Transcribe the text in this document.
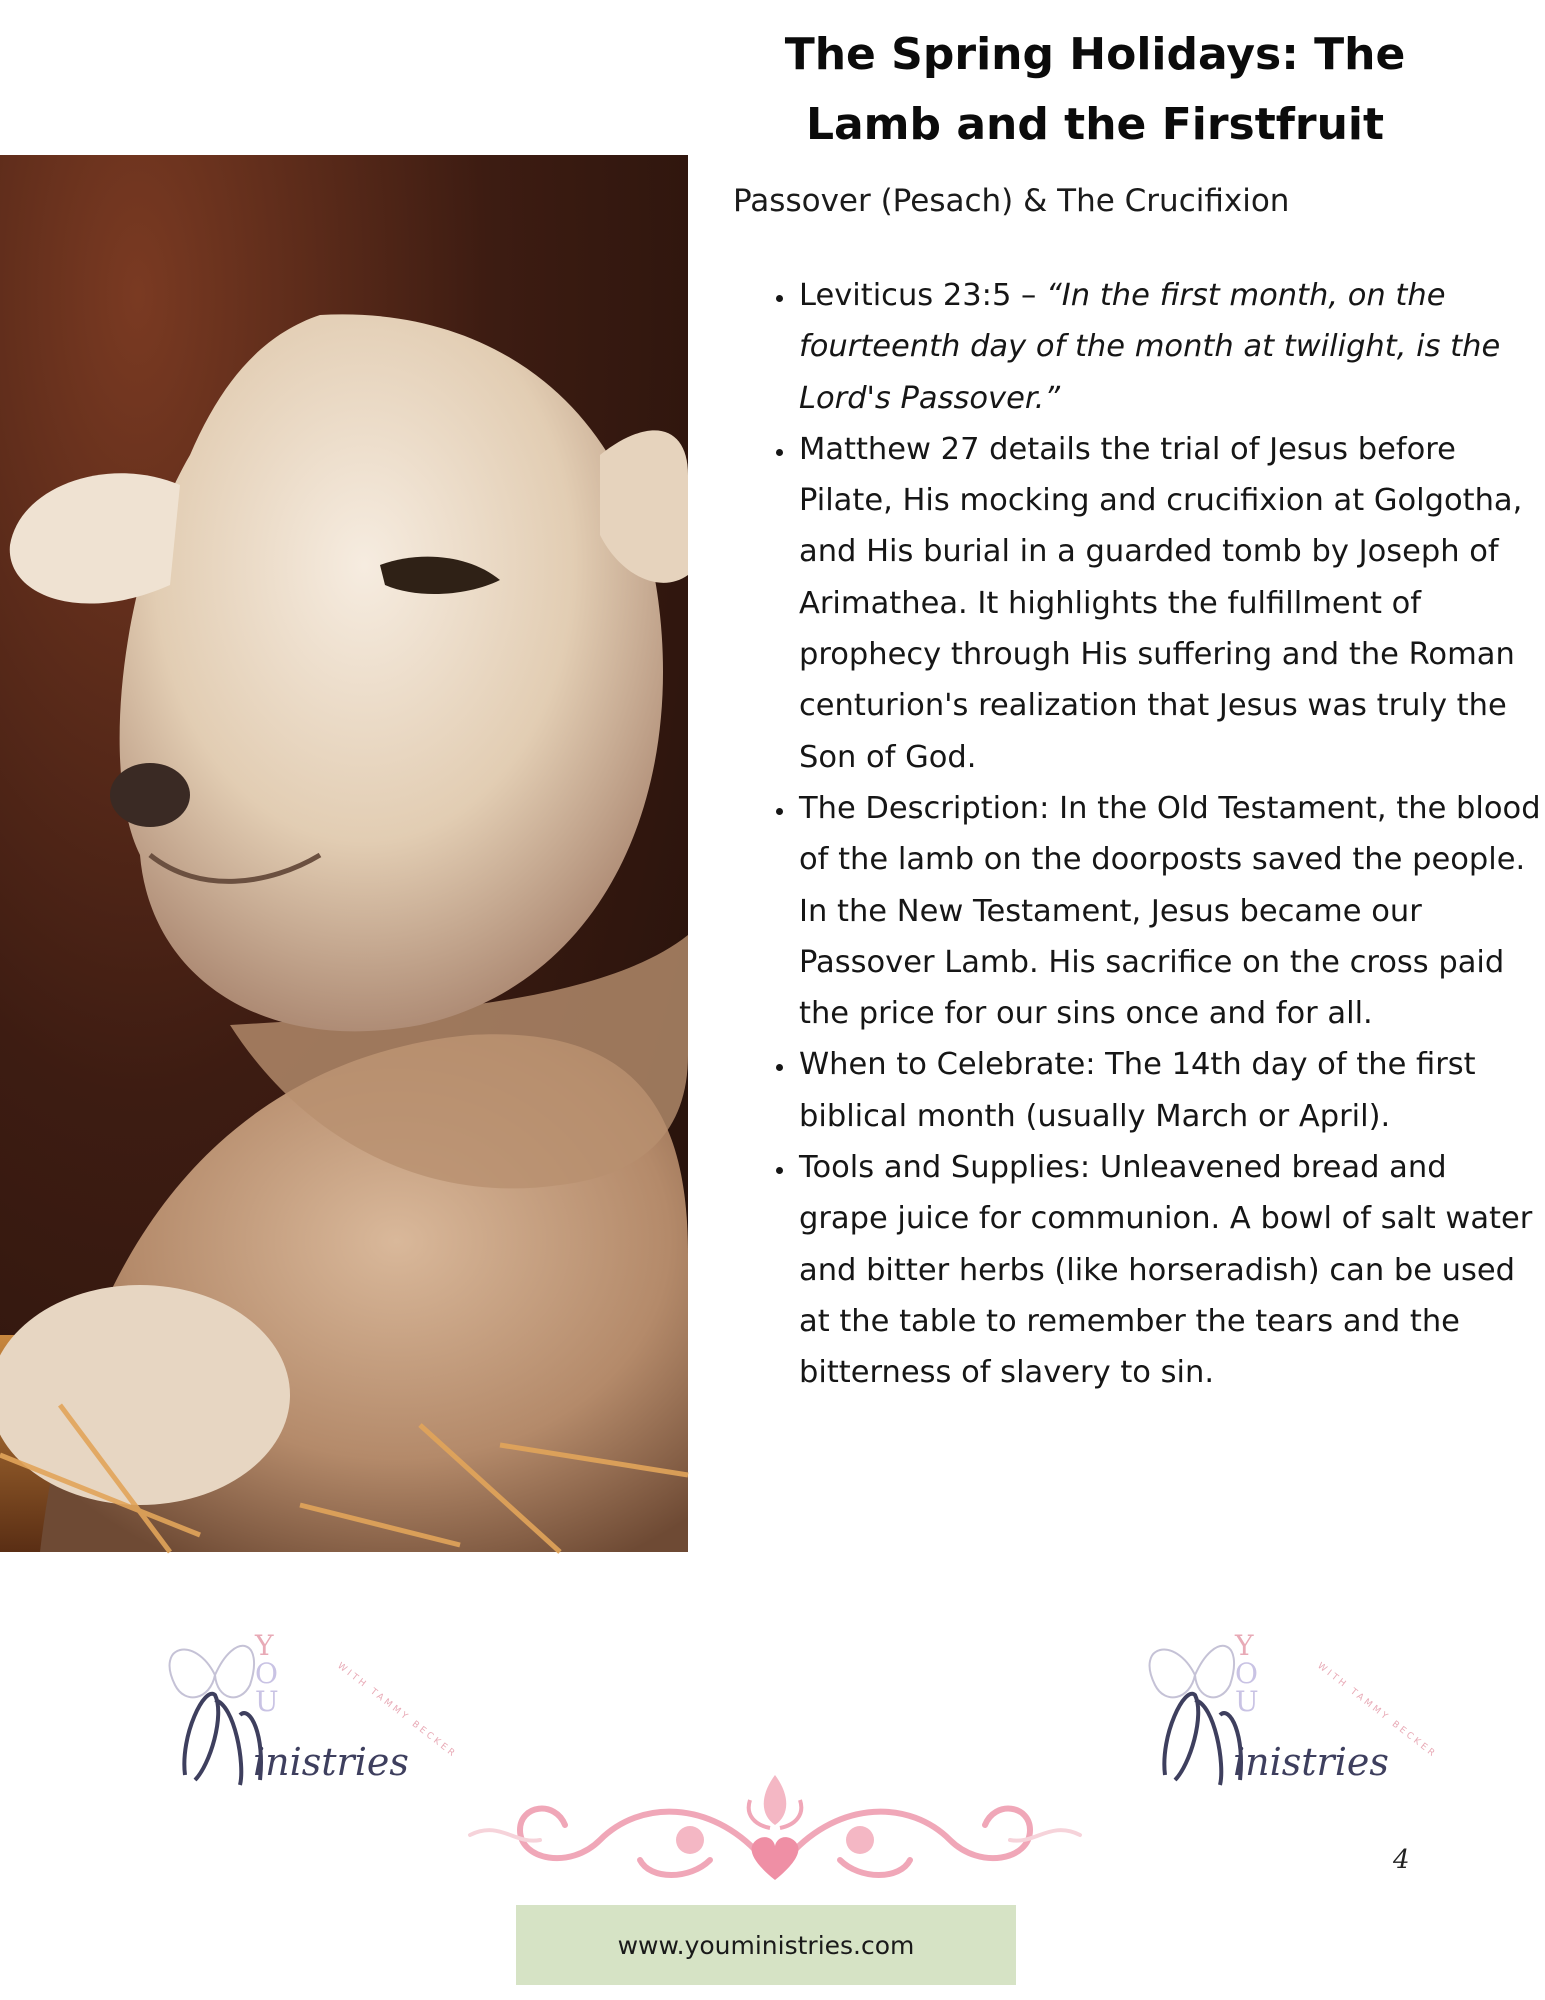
The Spring Holidays: The
Lamb and the Firstfruit

Passover (Pesach) & The Crucifixion

• Leviticus 23:5 – “In the first month, on the fourteenth day of the month at twilight, is the Lord's Passover.”
• Matthew 27 details the trial of Jesus before Pilate, His mocking and crucifixion at Golgotha, and His burial in a guarded tomb by Joseph of Arimathea. It highlights the fulfillment of prophecy through His suffering and the Roman centurion's realization that Jesus was truly the Son of God.
• The Description: In the Old Testament, the blood of the lamb on the doorposts saved the people. In the New Testament, Jesus became our Passover Lamb. His sacrifice on the cross paid the price for our sins once and for all.
• When to Celebrate: The 14th day of the first biblical month (usually March or April).
• Tools and Supplies: Unleavened bread and grape juice for communion. A bowl of salt water and bitter herbs (like horseradish) can be used at the table to remember the tears and the bitterness of slavery to sin.
Y
O
U
inistries
WITH TAMMY BECKER
Y
O
U
inistries
WITH TAMMY BECKER
4
www.youministries.com
